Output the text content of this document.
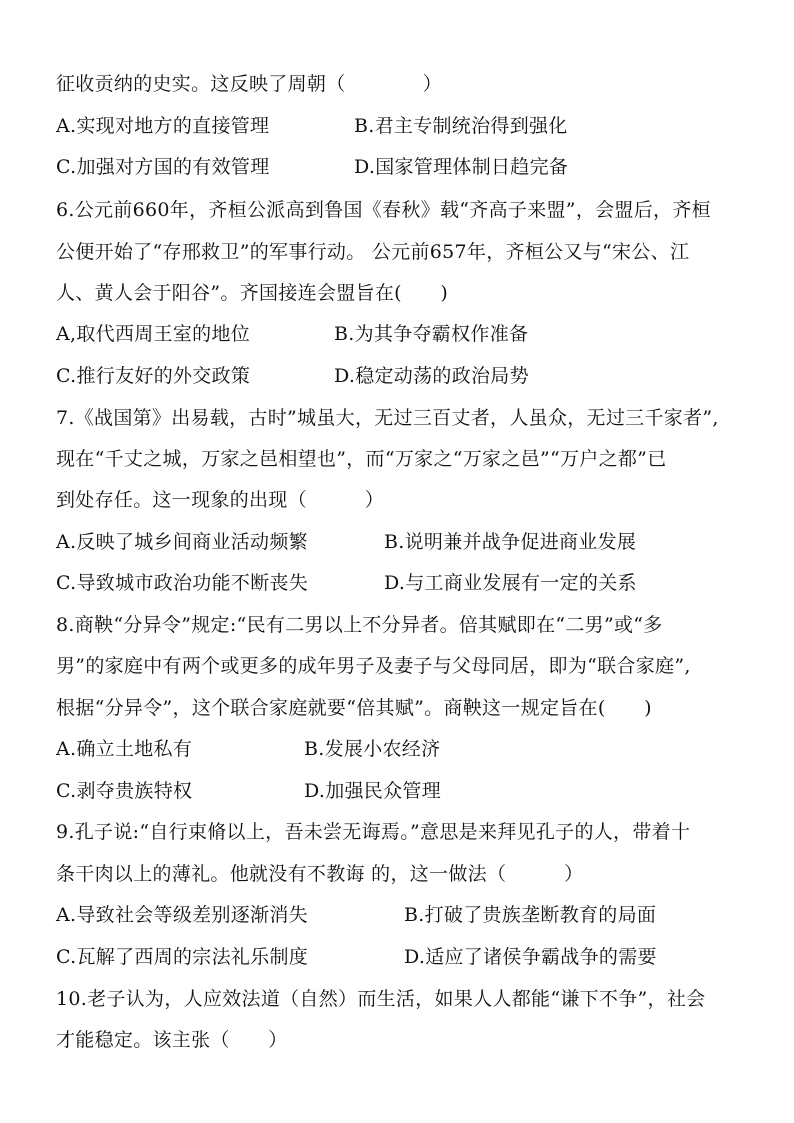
征收贡纳的史实。这反映了周朝（　　　　）
A.实现对地方的直接管理	B.君主专制统治得到强化
C.加强对方国的有效管理	D.国家管理体制日趋完备
6.公元前660年，齐桓公派高到鲁国《春秋》载“齐高子来盟”，会盟后，齐桓
公便开始了“存邢救卫”的军事行动。 公元前657年，齐桓公又与“宋公、江
人、黄人会于阳谷”。齐国接连会盟旨在(　　)
A,取代西周王室的地位	B.为其争夺霸权作准备
C.推行友好的外交政策	D.稳定动荡的政治局势
7.《战国第》出易载，古时”城虽大，无过三百丈者，人虽众，无过三千家者”,
现在“千丈之城，万家之邑相望也”，而“万家之“万家之邑”“万户之都”已
到处存任。这一现象的出现（　　　）
A.反映了城乡间商业活动频繁	B.说明兼并战争促进商业发展
C.导致城市政治功能不断丧失	D.与工商业发展有一定的关系
8.商鞅“分异令”规定:“民有二男以上不分异者。倍其赋即在“二男”或“多
男”的家庭中有两个或更多的成年男子及妻子与父母同居，即为“联合家庭”,
根据“分异令”，这个联合家庭就要“倍其赋”。商鞅这一规定旨在(　　)
A.确立土地私有	B.发展小农经济
C.剥夺贵族特权	D.加强民众管理
9.孔子说:“自行束脩以上，吾未尝无诲焉。”意思是来拜见孔子的人，带着十
条干肉以上的薄礼。他就没有不教诲 的，这一做法（　　　）
A.导致社会等级差别逐渐消失	B.打破了贵族垄断教育的局面
C.瓦解了西周的宗法礼乐制度	D.适应了诸侯争霸战争的需要
10.老子认为，人应效法道（自然）而生活，如果人人都能“谦下不争”，社会
才能稳定。该主张（　　）
